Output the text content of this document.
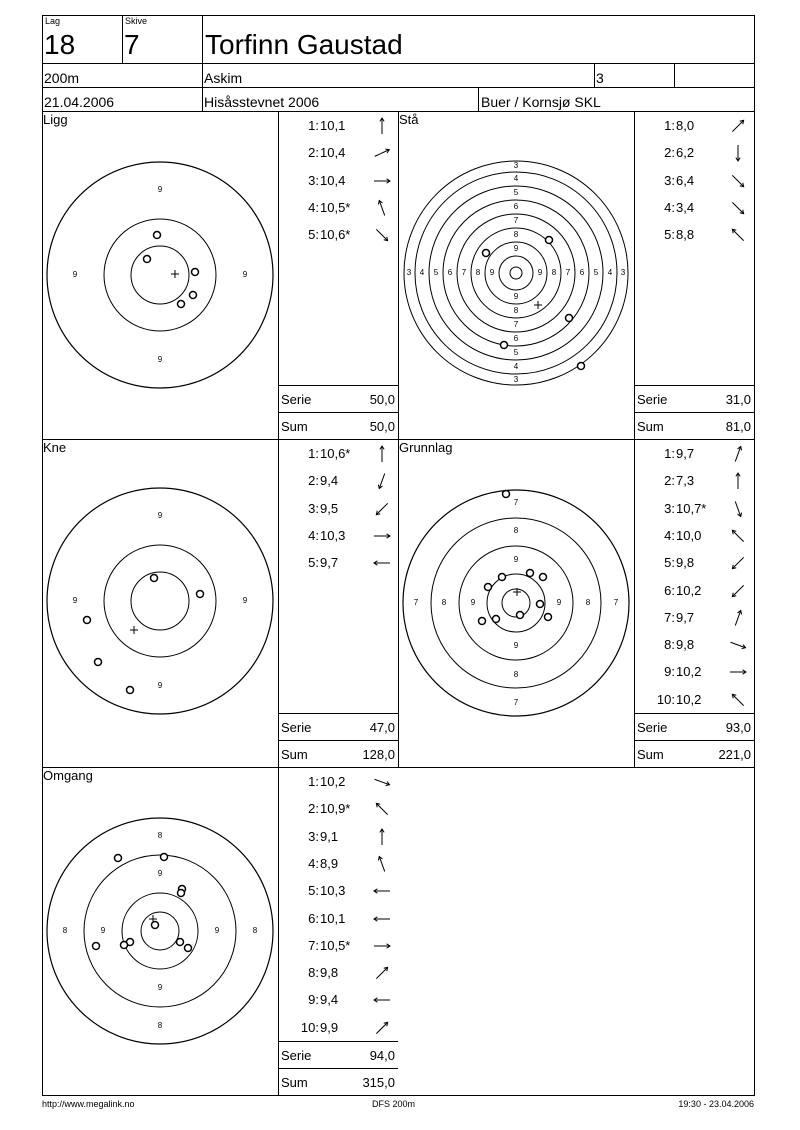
Lag
18
Skive
7 Torfinn Gaustad
200m	Askim	3
21.04.2006	Hisåsstevnet 2006	Buer / Kornsjø SKL
Ligg	Stå
Kne	Grunnlag
Omgang
Serie	50,0
Sum	50,0
Serie	31,0
Sum	81,0
Serie	47,0
Sum	128,0
Serie	93,0
Sum	221,0
Serie	94,0
Sum	315,0
1: 10,1
2: 10,4
3: 10,4
4: 10,5*
5: 10,6*
1: 8,0
2: 6,2
3: 6,4
4: 3,4
5: 8,8
1: 10,6*
2: 9,4
3: 9,5
4: 10,3
5: 9,7
1: 9,7
2: 7,3
3: 10,7*
4: 10,0
5: 9,8
6: 10,2
7: 9,7
8: 9,8
9: 10,2
10: 10,2
1: 10,2
2: 10,9*
3: 9,1
4: 8,9
5: 10,3
6: 10,1
7: 10,5*
8: 9,8
9: 9,4
10: 9,9
9
9
9	9
3
3
3	3
4
4
4	4
5
5
5	5
6
6
6	6
7
7
7	7
8
8
8	8
9
9
9	9
9
9
9	9
7
7
7	7
8
8
8	8
9
9
9	9
8
8
8	8
9
9
9	9
http://www.megalink.no	DFS 200m	19:30 - 23.04.2006
